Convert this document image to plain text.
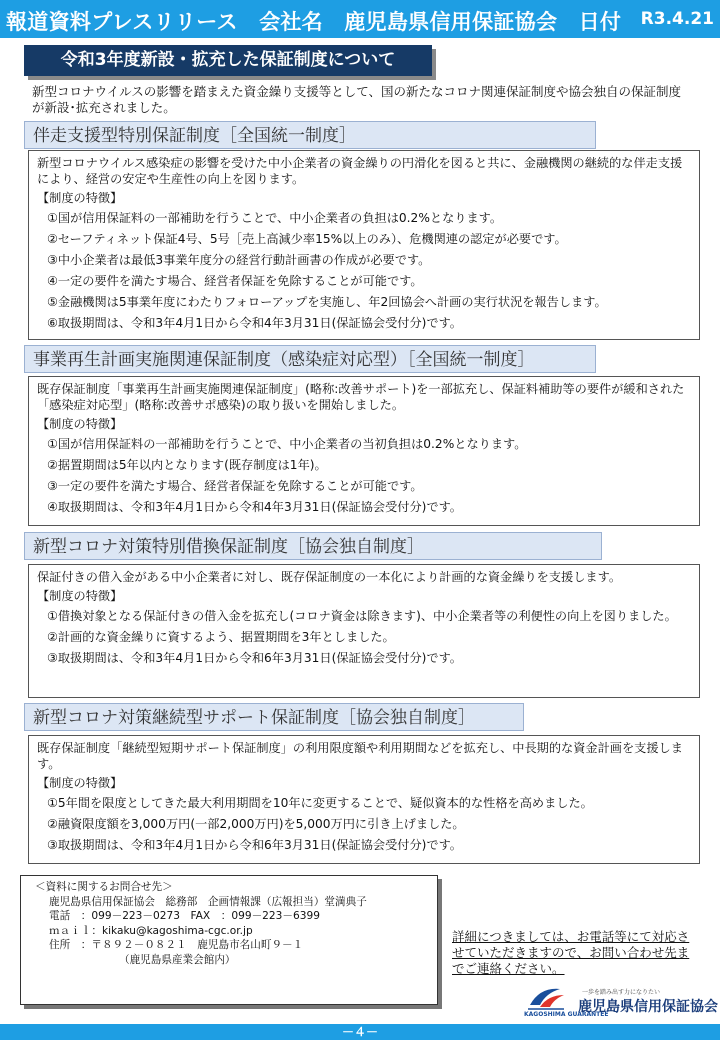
報道資料プレスリリース　会社名　鹿児島県信用保証協会　日付 R3.4.21
令和3年度新設・拡充した保証制度について
新型コロナウイルスの影響を踏まえた資金繰り支援等として、国の新たなコロナ関連保証制度や協会独自の保証制度が新設･拡充されました。
伴走支援型特別保証制度［全国統一制度］
新型コロナウイルス感染症の影響を受けた中小企業者の資金繰りの円滑化を図ると共に、金融機関の継続的な伴走支援により、経営の安定や生産性の向上を図ります。
【制度の特徴】
①国が信用保証料の一部補助を行うことで、中小企業者の負担は0.2%となります。
②セーフティネット保証4号、5号［売上高減少率15%以上のみ）、危機関連の認定が必要です。
③中小企業者は最低3事業年度分の経営行動計画書の作成が必要です。
④一定の要件を満たす場合、経営者保証を免除することが可能です。
⑤金融機関は5事業年度にわたりフォローアップを実施し、年2回協会へ計画の実行状況を報告します。
⑥取扱期間は、令和3年4月1日から令和4年3月31日(保証協会受付分)です。
事業再生計画実施関連保証制度（感染症対応型）［全国統一制度］
既存保証制度「事業再生計画実施関連保証制度」(略称:改善サポート)を一部拡充し、保証料補助等の要件が緩和された「感染症対応型」(略称:改善サポ感染)の取り扱いを開始しました。
【制度の特徴】
①国が信用保証料の一部補助を行うことで、中小企業者の当初負担は0.2%となります。
②据置期間は5年以内となります(既存制度は1年)。
③一定の要件を満たす場合、経営者保証を免除することが可能です。
④取扱期間は、令和3年4月1日から令和4年3月31日(保証協会受付分)です。
新型コロナ対策特別借換保証制度［協会独自制度］
保証付きの借入金がある中小企業者に対し、既存保証制度の一本化により計画的な資金繰りを支援します。
【制度の特徴】
①借換対象となる保証付きの借入金を拡充し(コロナ資金は除きます)、中小企業者等の利便性の向上を図りました。
②計画的な資金繰りに資するよう、据置期間を3年としました。
③取扱期間は、令和3年4月1日から令和6年3月31日(保証協会受付分)です。
新型コロナ対策継続型サポート保証制度［協会独自制度］
既存保証制度「継続型短期サポート保証制度」の利用限度額や利用期間などを拡充し、中長期的な資金計画を支援します。
【制度の特徴】
①5年間を限度としてきた最大利用期間を10年に変更することで、疑似資本的な性格を高めました。
②融資限度額を3,000万円(一部2,000万円)を5,000万円に引き上げました。
③取扱期間は、令和3年4月1日から令和6年3月31日(保証協会受付分)です。
＜資料に関するお問合せ先＞
鹿児島県信用保証協会　総務部　企画情報課（広報担当）堂満典子
電話　：099－223－0273　FAX　：099－223－6399
ｍａｉｌ：kikaku@kagoshima-cgc.or.jp
住所　：〒８９２－０８２１　鹿児島市名山町９－１
（鹿児島県産業会館内）
詳細につきましては、お電話等にて対応させていただきますので、お問い合わせ先までご連絡ください。
KAGOSHIMA GUARANTEE
一歩を踏み出す力になりたい
鹿児島県信用保証協会
－４－
